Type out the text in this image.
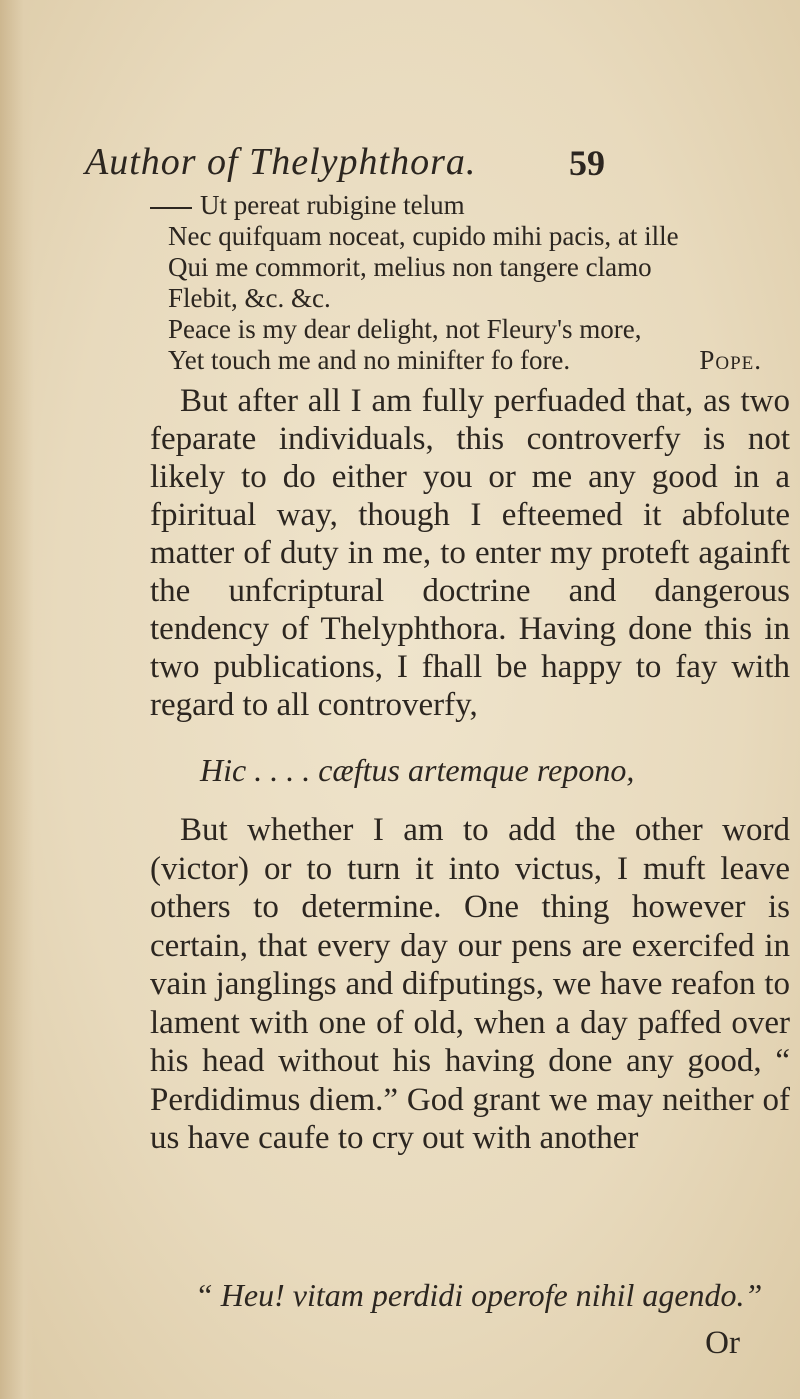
Author of Thelyphthora.	59
Ut pereat rubigine telum
Nec quifquam noceat, cupido mihi pacis, at ille
Qui me commorit, melius non tangere clamo
Flebit, &c. &c.
Peace is my dear delight, not Fleury's more,
Yet touch me and no minifter fo fore.	Pope.

But after all I am fully perfuaded that, as two feparate individuals, this controverfy is not likely to do either you or me any good in a fpiritual way, though I efteemed it abfolute matter of duty in me, to enter my proteft againft the unfcriptural doctrine and dangerous tendency of Thelyphthora. Having done this in two publications, I fhall be happy to fay with regard to all controverfy,

Hic . . . . cæftus artemque repono,

But whether I am to add the other word (victor) or to turn it into victus, I muft leave others to determine. One thing however is certain, that every day our pens are exercifed in vain janglings and difputings, we have reafon to lament with one of old, when a day paffed over his head without his having done any good, “ Perdidimus diem.” God grant we may neither of us have caufe to cry out with another

“ Heu! vitam perdidi operofe nihil agendo.”
Or
